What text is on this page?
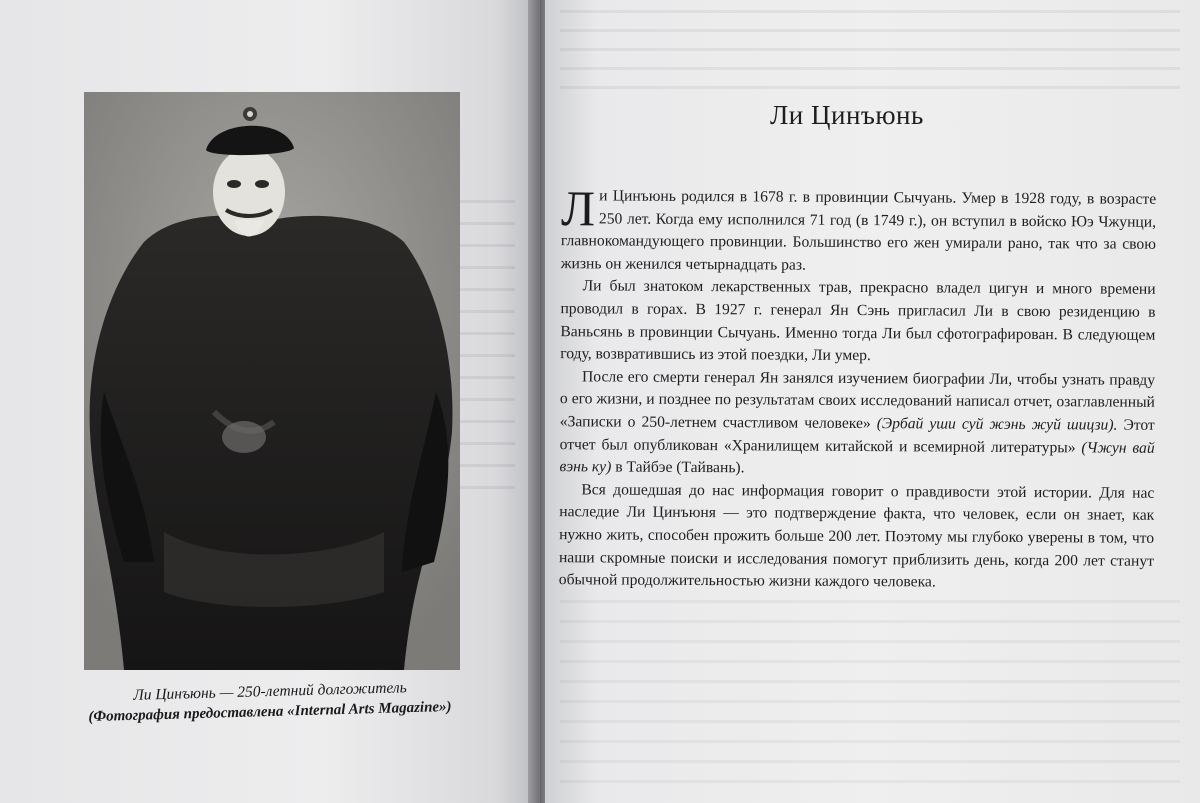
Ли Цинъюнь — 250-летний долгожитель
(Фотография предоставлена «Internal Arts Magazine»)
Ли Цинъюнь

Ли Цинъюнь родился в 1678 г. в провинции Сычуань. Умер в 1928 году, в возрасте 250 лет. Когда ему исполнился 71 год (в 1749 г.), он вступил в войско Юэ Чжунци, главнокомандующего провинции. Большинство его жен умирали рано, так что за свою жизнь он женился четырнадцать раз.

Ли был знатоком лекарственных трав, прекрасно владел цигун и много времени проводил в горах. В 1927 г. генерал Ян Сэнь пригласил Ли в свою резиденцию в Ваньсянь в провинции Сычуань. Именно тогда Ли был сфотографирован. В следующем году, возвратившись из этой поездки, Ли умер.

После его смерти генерал Ян занялся изучением биографии Ли, чтобы узнать правду о его жизни, и позднее по результатам своих исследований написал отчет, озаглавленный «Записки о 250-летнем счастливом человеке» (Эрбай уши суй жэнь жуй шицзи). Этот отчет был опубликован «Хранилищем китайской и всемирной литературы» (Чжун вай вэнь ку) в Тайбэе (Тайвань).

Вся дошедшая до нас информация говорит о правдивости этой истории. Для нас наследие Ли Цинъюня — это подтверждение факта, что человек, если он знает, как нужно жить, способен прожить больше 200 лет. Поэтому мы глубоко уверены в том, что наши скромные поиски и исследования помогут приблизить день, когда 200 лет станут обычной продолжительностью жизни каждого человека.
